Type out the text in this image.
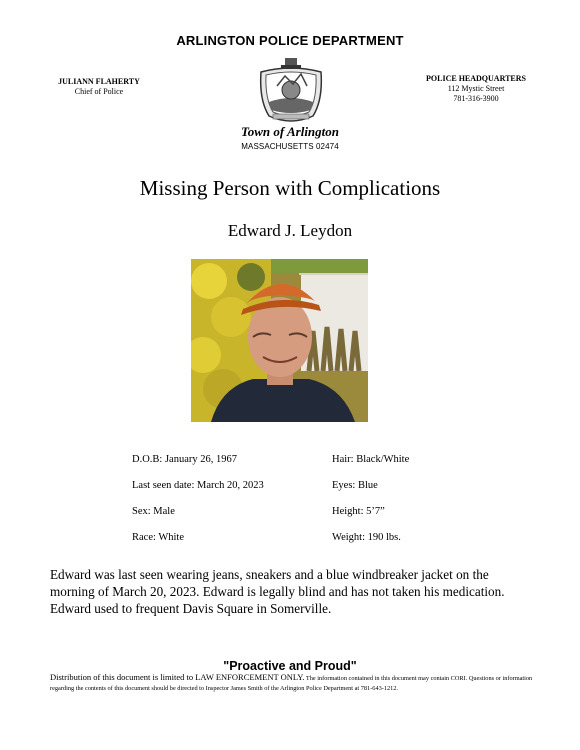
ARLINGTON POLICE DEPARTMENT
JULIANN FLAHERTY
Chief of Police
POLICE HEADQUARTERS
112 Mystic Street
781-316-3900
Town of Arlington
MASSACHUSETTS 02474
Missing Person with Complications
Edward J. Leydon
D.O.B: January 26, 1967
Last seen date: March 20, 2023
Sex: Male
Race: White
Hair: Black/White
Eyes: Blue
Height: 5’7”
Weight: 190 lbs.
Edward was last seen wearing jeans, sneakers and a blue windbreaker jacket on the morning of March 20, 2023. Edward is legally blind and has not taken his medication. Edward used to frequent Davis Square in Somerville.
"Proactive and Proud"
Distribution of this document is limited to LAW ENFORCEMENT ONLY. The information contained in this document may contain CORI. Questions or information regarding the contents of this document should be directed to Inspector James Smith of the Arlington Police Department at 781-643-1212.
